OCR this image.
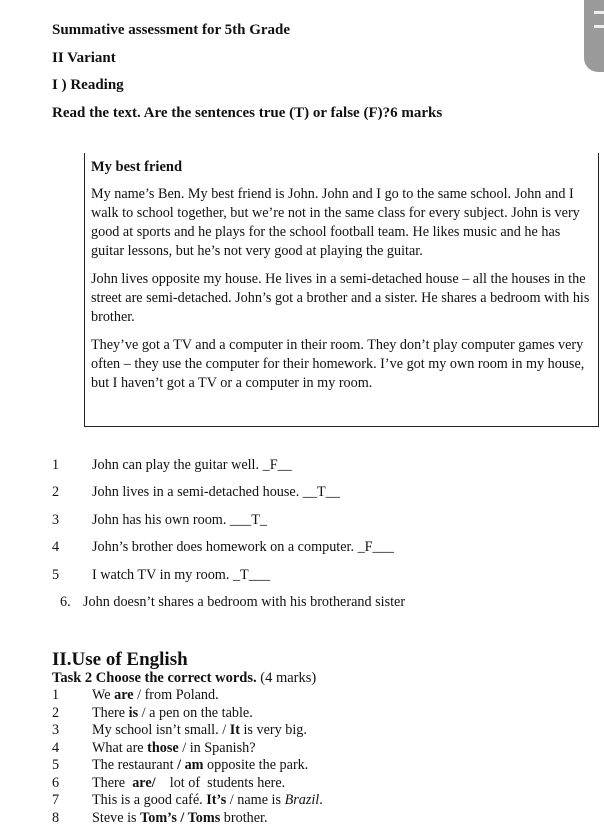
Summative assessment for 5th Grade
II Variant
I ) Reading
Read the text. Are the sentences true (T) or false (F)?6 marks

My best friend

My name’s Ben. My best friend is John. John and I go to the same school. John and I walk to school together, but we’re not in the same class for every subject. John is very good at sports and he plays for the school football team. He likes music and he has guitar lessons, but he’s not very good at playing the guitar.

John lives opposite my house. He lives in a semi-detached house – all the houses in the street are semi-detached. John’s got a brother and a sister. He shares a bedroom with his brother.

They’ve got a TV and a computer in their room. They don’t play computer games very often – they use the computer for their homework. I’ve got my own room in my house, but I haven’t got a TV or a computer in my room.

1 John can play the guitar well. _F__
2 John lives in a semi-detached house. __T__
3 John has his own room. ___T_
4 John’s brother does homework on a computer. _F___
5 I watch TV in my room. _T___
6. John doesn’t shares a bedroom with his brotherand sister
II.Use of English
Task 2 Choose the correct words. (4 marks)
1 We are / from Poland.
2 There is / a pen on the table.
3 My school isn’t small. / It is very big.
4 What are those / in Spanish?
5 The restaurant / am opposite the park.
6 There  are/    lot of  students here.
7 This is a good café. It’s / name is Brazil.
8 Steve is Tom’s / Toms brother.
